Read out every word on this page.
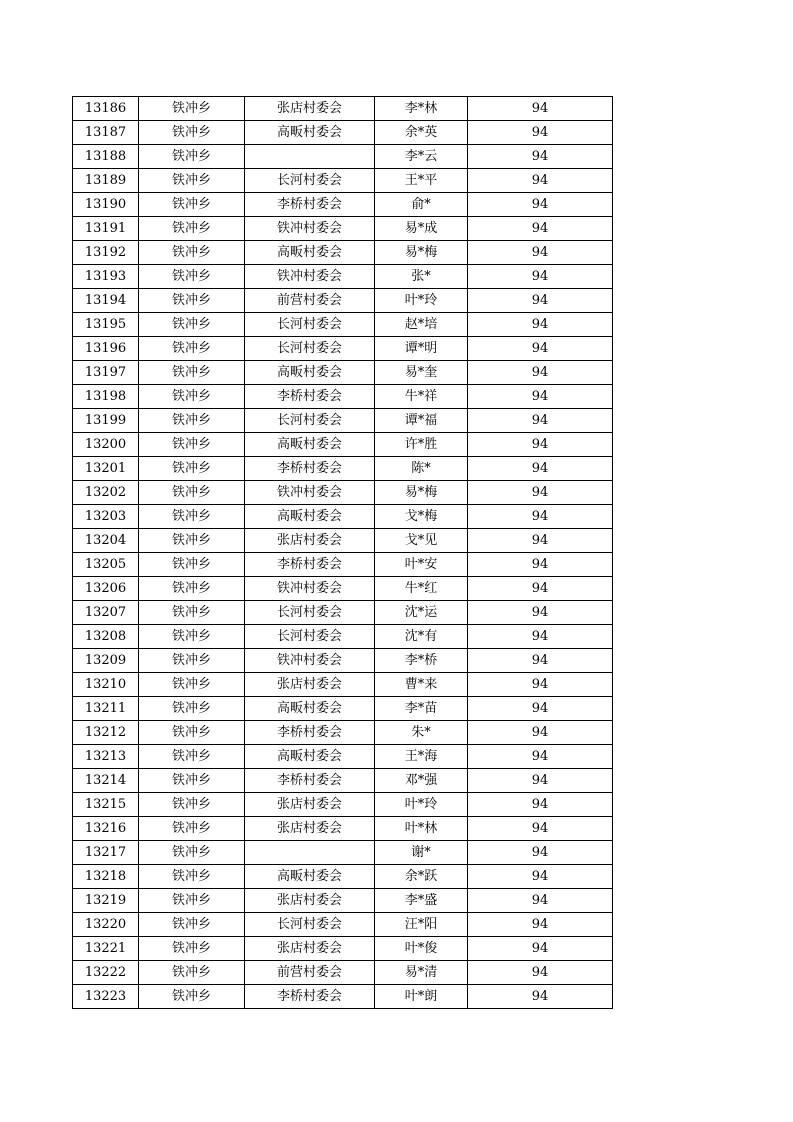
13186	铁冲乡	张店村委会	李*林	94
13187	铁冲乡	高畈村委会	余*英	94
13188	铁冲乡		李*云	94
13189	铁冲乡	长河村委会	王*平	94
13190	铁冲乡	李桥村委会	俞*	94
13191	铁冲乡	铁冲村委会	易*成	94
13192	铁冲乡	高畈村委会	易*梅	94
13193	铁冲乡	铁冲村委会	张*	94
13194	铁冲乡	前营村委会	叶*玲	94
13195	铁冲乡	长河村委会	赵*培	94
13196	铁冲乡	长河村委会	谭*明	94
13197	铁冲乡	高畈村委会	易*奎	94
13198	铁冲乡	李桥村委会	牛*祥	94
13199	铁冲乡	长河村委会	谭*福	94
13200	铁冲乡	高畈村委会	许*胜	94
13201	铁冲乡	李桥村委会	陈*	94
13202	铁冲乡	铁冲村委会	易*梅	94
13203	铁冲乡	高畈村委会	戈*梅	94
13204	铁冲乡	张店村委会	戈*见	94
13205	铁冲乡	李桥村委会	叶*安	94
13206	铁冲乡	铁冲村委会	牛*红	94
13207	铁冲乡	长河村委会	沈*运	94
13208	铁冲乡	长河村委会	沈*有	94
13209	铁冲乡	铁冲村委会	李*桥	94
13210	铁冲乡	张店村委会	曹*来	94
13211	铁冲乡	高畈村委会	李*苗	94
13212	铁冲乡	李桥村委会	朱*	94
13213	铁冲乡	高畈村委会	王*海	94
13214	铁冲乡	李桥村委会	邓*强	94
13215	铁冲乡	张店村委会	叶*玲	94
13216	铁冲乡	张店村委会	叶*林	94
13217	铁冲乡		谢*	94
13218	铁冲乡	高畈村委会	余*跃	94
13219	铁冲乡	张店村委会	李*盛	94
13220	铁冲乡	长河村委会	汪*阳	94
13221	铁冲乡	张店村委会	叶*俊	94
13222	铁冲乡	前营村委会	易*清	94
13223	铁冲乡	李桥村委会	叶*朗	94
